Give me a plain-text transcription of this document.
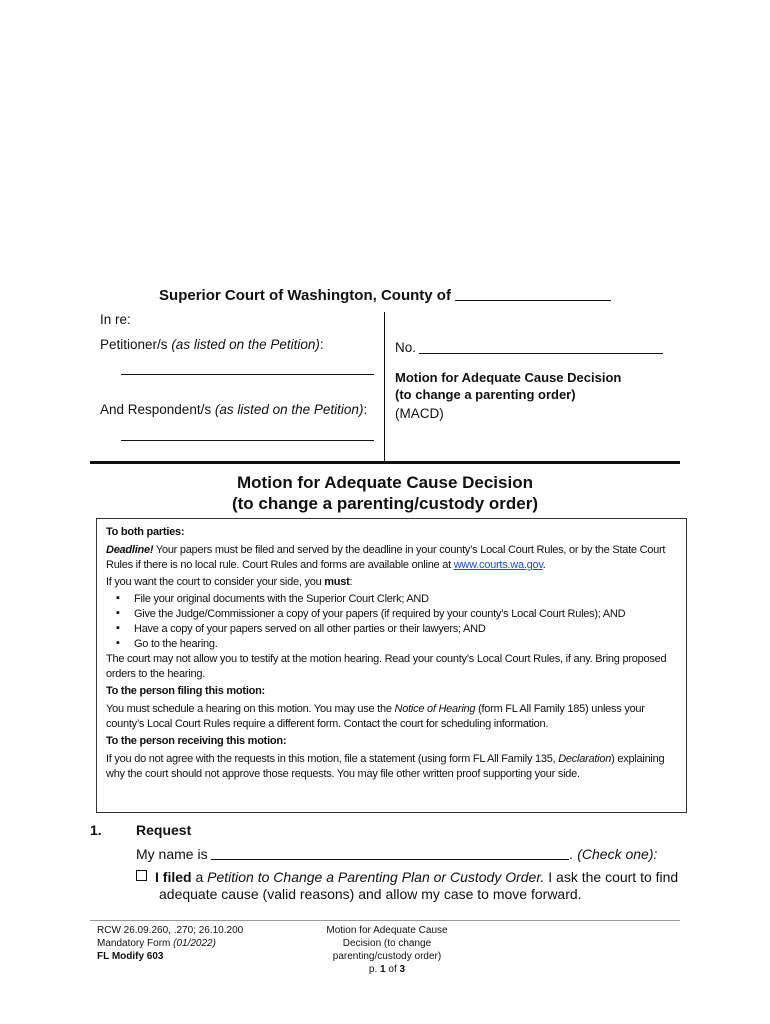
Superior Court of Washington, County of
In re:
Petitioner/s (as listed on the Petition):
And Respondent/s (as listed on the Petition):
No.
Motion for Adequate Cause Decision
(to change a parenting order)
(MACD)
Motion for Adequate Cause Decision
(to change a parenting/custody order)

To both parties:

Deadline! Your papers must be filed and served by the deadline in your county’s Local Court Rules, or by the State Court Rules if there is no local rule. Court Rules and forms are available online at www.courts.wa.gov.

If you want the court to consider your side, you must:

▪ File your original documents with the Superior Court Clerk; AND
▪ Give the Judge/Commissioner a copy of your papers (if required by your county’s Local Court Rules); AND
▪ Have a copy of your papers served on all other parties or their lawyers; AND
▪ Go to the hearing.

The court may not allow you to testify at the motion hearing. Read your county’s Local Court Rules, if any. Bring proposed orders to the hearing.

To the person filing this motion:

You must schedule a hearing on this motion. You may use the Notice of Hearing (form FL All Family 185) unless your county’s Local Court Rules require a different form. Contact the court for scheduling information.

To the person receiving this motion:

If you do not agree with the requests in this motion, file a statement (using form FL All Family 135, Declaration) explaining why the court should not approve those requests. You may file other written proof supporting your side.

1. Request
My name is	. (Check one):
I filed a Petition to Change a Parenting Plan or Custody Order. I ask the court to find
adequate cause (valid reasons) and allow my case to move forward.
RCW 26.09.260, .270; 26.10.200
Mandatory Form (01/2022)
FL Modify 603
Motion for Adequate Cause
Decision (to change
parenting/custody order)
p. 1 of 3
